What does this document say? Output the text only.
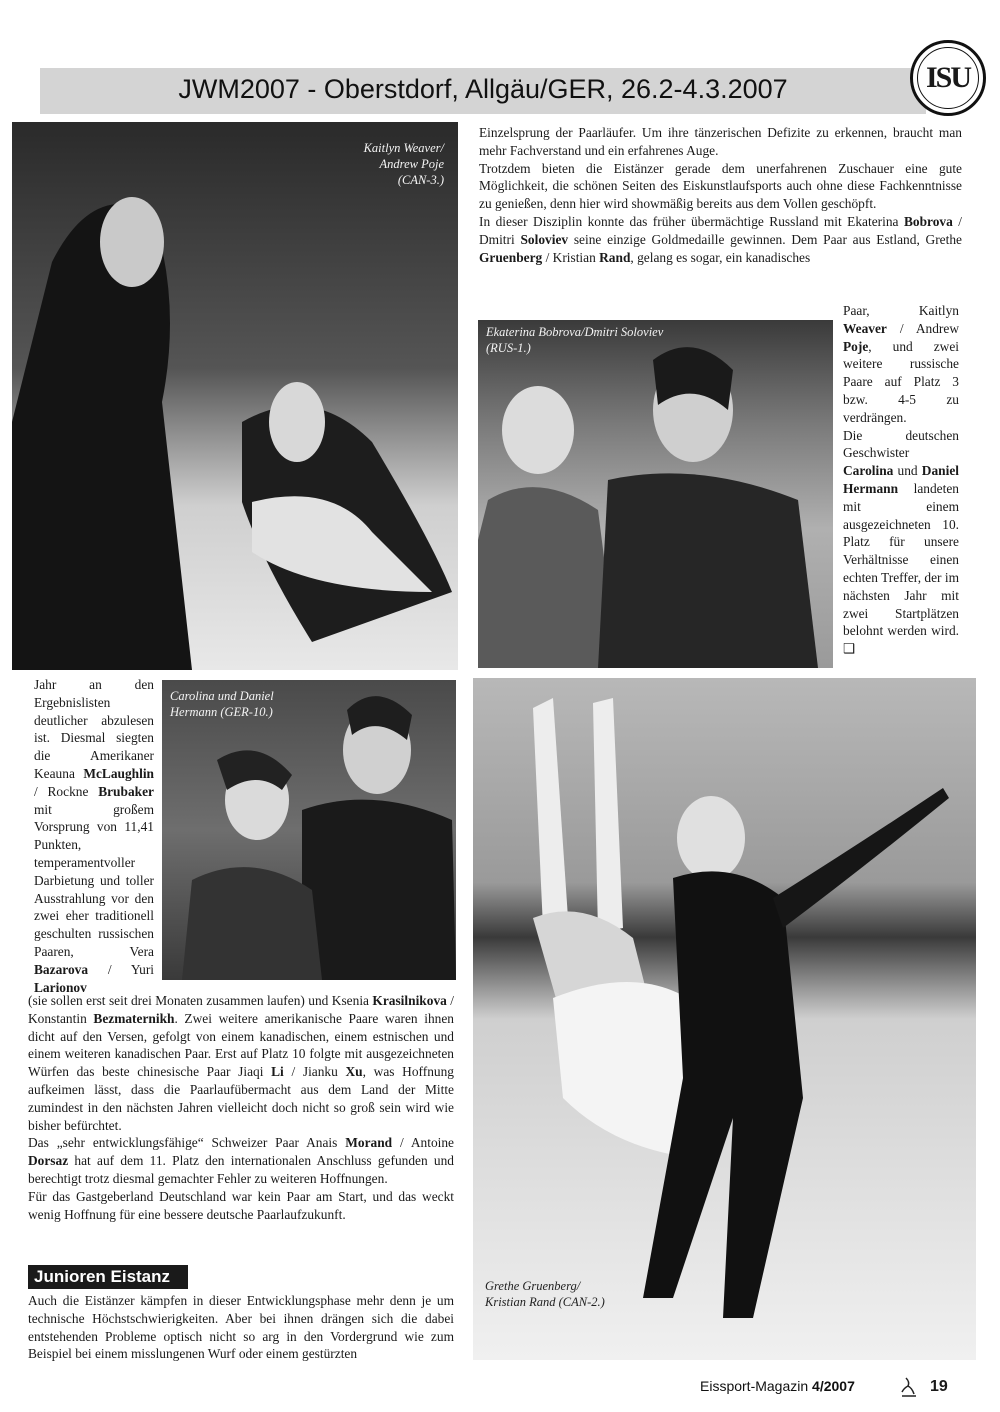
JWM2007 - Oberstdorf, Allgäu/GER, 26.2-4.3.2007	ISU
Kaitlyn Weaver/
Andrew Poje
(CAN-3.)

Einzelsprung der Paarläufer. Um ihre tänzerischen Defizite zu erkennen, braucht man mehr Fachverstand und ein erfahrenes Auge.

Trotzdem bieten die Eistänzer gerade dem unerfahrenen Zuschauer eine gute Möglichkeit, die schönen Seiten des Eiskunstlaufsports auch ohne diese Fachkenntnisse zu genießen, denn hier wird showmäßig bereits aus dem Vollen geschöpft.

In dieser Disziplin konnte das früher übermächtige Russland mit Ekaterina Bobrova / Dmitri Soloviev seine einzige Goldmedaille gewinnen. Dem Paar aus Estland, Grethe Gruenberg / Kristian Rand, gelang es sogar, ein kanadisches

Ekaterina Bobrova/Dmitri Soloviev
(RUS-1.)

Paar, Kaitlyn Weaver / Andrew Poje, und zwei weitere russische Paare auf Platz 3 bzw. 4-5 zu verdrängen.

Die deutschen Geschwister Carolina und Daniel Hermann landeten mit einem ausgezeichneten 10. Platz für unsere Verhältnisse einen echten Treffer, der im nächsten Jahr mit zwei Startplätzen belohnt werden wird. ❑

Jahr an den Ergebnislisten deutlicher abzulesen ist. Diesmal siegten die Amerikaner Keauna McLaughlin / Rockne Brubaker mit großem Vorsprung von 11,41 Punkten, temperamentvoller Darbietung und toller Ausstrahlung vor den zwei eher traditionell geschulten russischen Paaren, Vera Bazarova / Yuri Larionov

Carolina und Daniel
Hermann (GER-10.)

(sie sollen erst seit drei Monaten zusammen laufen) und Ksenia Krasilnikova / Konstantin Bezmaternikh. Zwei weitere amerikanische Paare waren ihnen dicht auf den Versen, gefolgt von einem kanadischen, einem estnischen und einem weiteren kanadischen Paar. Erst auf Platz 10 folgte mit ausgezeichneten Würfen das beste chinesische Paar Jiaqi Li / Jianku Xu, was Hoffnung aufkeimen lässt, dass die Paarlaufübermacht aus dem Land der Mitte zumindest in den nächsten Jahren vielleicht doch nicht so groß sein wird wie bisher befürchtet.

Das „sehr entwicklungsfähige“ Schweizer Paar Anais Morand / Antoine Dorsaz hat auf dem 11. Platz den internationalen Anschluss gefunden und berechtigt trotz diesmal gemachter Fehler zu weiteren Hoffnungen.

Für das Gastgeberland Deutschland war kein Paar am Start, und das weckt wenig Hoffnung für eine bessere deutsche Paarlaufzukunft.

Junioren Eistanz

Auch die Eistänzer kämpfen in dieser Entwicklungsphase mehr denn je um technische Höchstschwierigkeiten. Aber bei ihnen drängen sich die dabei entstehenden Probleme optisch nicht so arg in den Vordergrund wie zum Beispiel bei einem misslungenen Wurf oder einem gestürzten

Grethe Gruenberg/
Kristian Rand (CAN-2.)
Eissport-Magazin 4/2007	19
